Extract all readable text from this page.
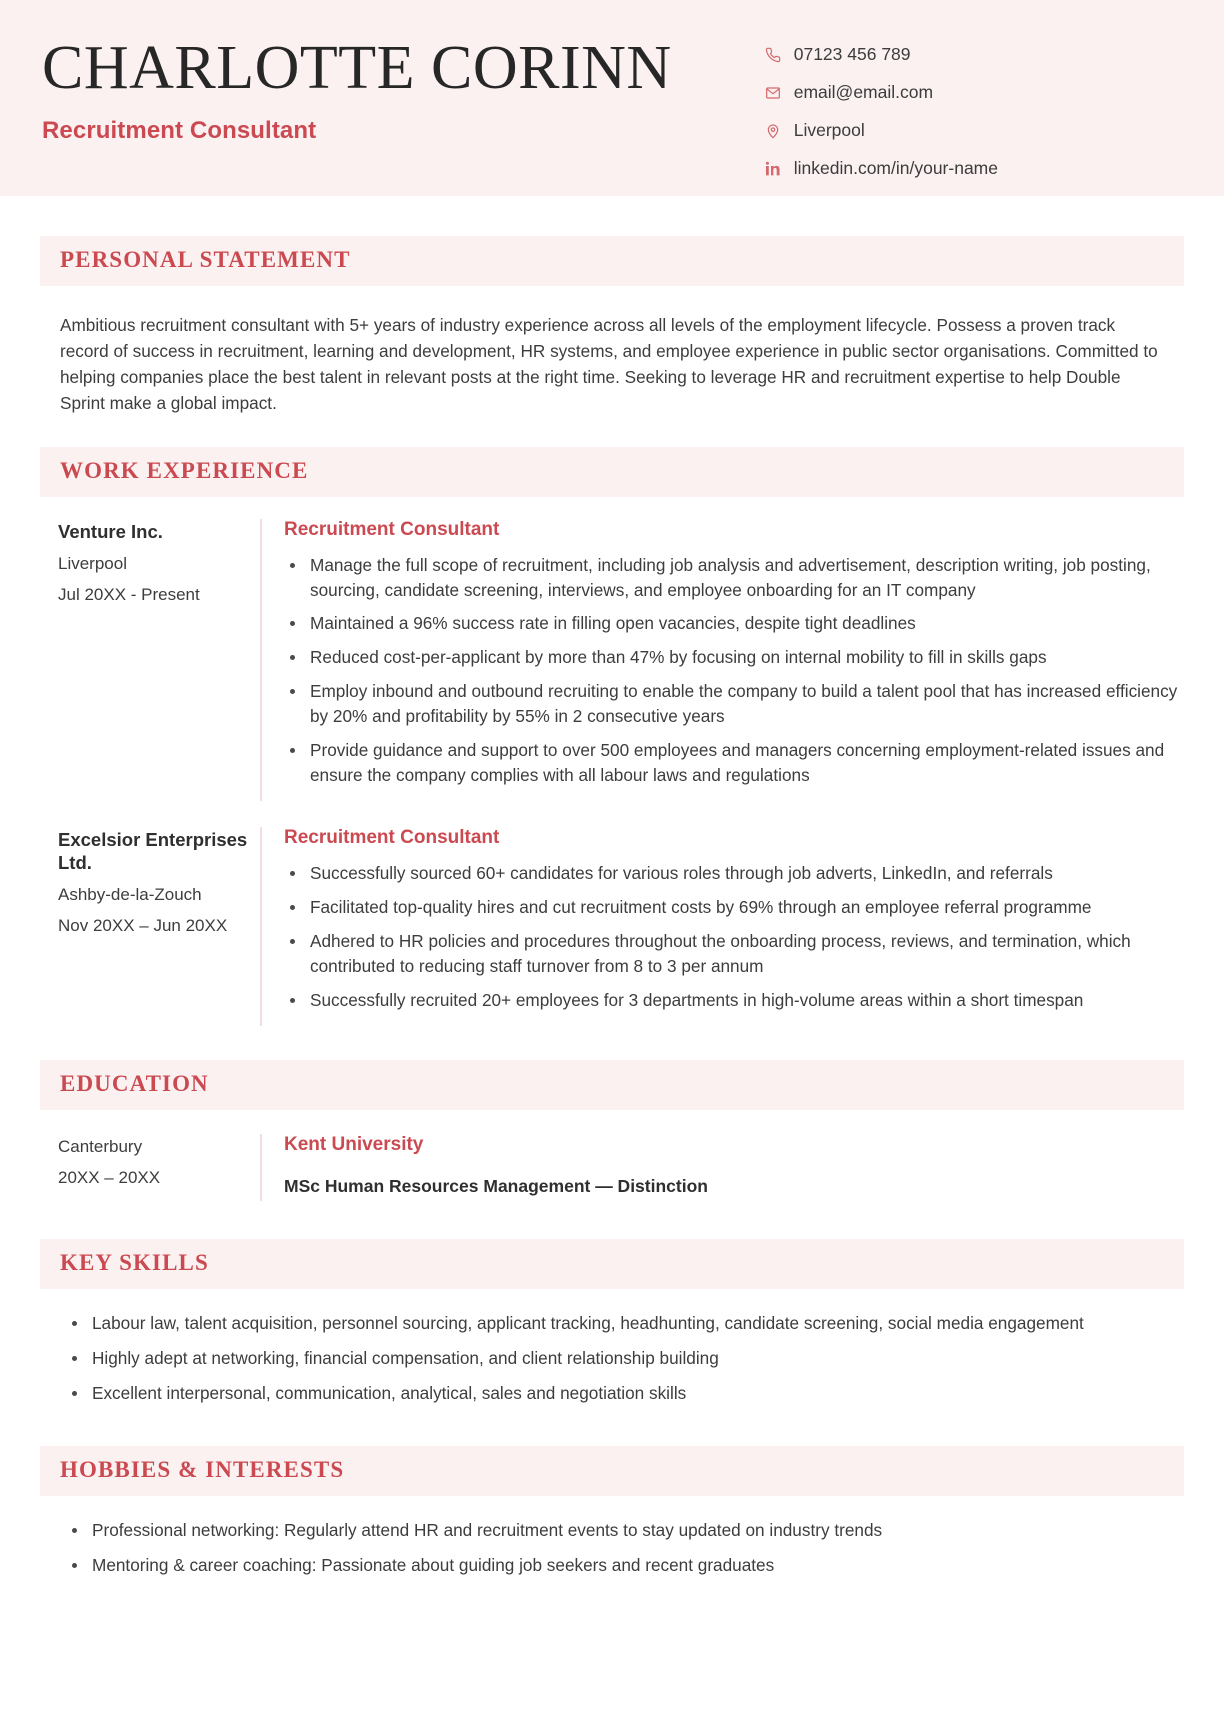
CHARLOTTE CORINN
Recruitment Consultant
07123 456 789
email@email.com
Liverpool
linkedin.com/in/your-name
PERSONAL STATEMENT

Ambitious recruitment consultant with 5+ years of industry experience across all levels of the employment lifecycle. Possess a proven track record of success in recruitment, learning and development, HR systems, and employee experience in public sector organisations. Committed to helping companies place the best talent in relevant posts at the right time. Seeking to leverage HR and recruitment expertise to help Double Sprint make a global impact.

WORK EXPERIENCE
Venture Inc.
Liverpool
Jul 20XX - Present
Recruitment Consultant
Manage the full scope of recruitment, including job analysis and advertisement, description writing, job posting, sourcing, candidate screening, interviews, and employee onboarding for an IT company
Maintained a 96% success rate in filling open vacancies, despite tight deadlines
Reduced cost-per-applicant by more than 47% by focusing on internal mobility to fill in skills gaps
Employ inbound and outbound recruiting to enable the company to build a talent pool that has increased efficiency by 20% and profitability by 55% in 2 consecutive years
Provide guidance and support to over 500 employees and managers concerning employment-related issues and ensure the company complies with all labour laws and regulations
Excelsior Enterprises Ltd.
Ashby-de-la-Zouch
Nov 20XX – Jun 20XX
Recruitment Consultant
Successfully sourced 60+ candidates for various roles through job adverts, LinkedIn, and referrals
Facilitated top-quality hires and cut recruitment costs by 69% through an employee referral programme
Adhered to HR policies and procedures throughout the onboarding process, reviews, and termination, which contributed to reducing staff turnover from 8 to 3 per annum
Successfully recruited 20+ employees for 3 departments in high-volume areas within a short timespan
EDUCATION
Canterbury
20XX – 20XX
Kent University
MSc Human Resources Management — Distinction
KEY SKILLS
Labour law, talent acquisition, personnel sourcing, applicant tracking, headhunting, candidate screening, social media engagement
Highly adept at networking, financial compensation, and client relationship building
Excellent interpersonal, communication, analytical, sales and negotiation skills
HOBBIES & INTERESTS
Professional networking: Regularly attend HR and recruitment events to stay updated on industry trends
Mentoring & career coaching: Passionate about guiding job seekers and recent graduates
